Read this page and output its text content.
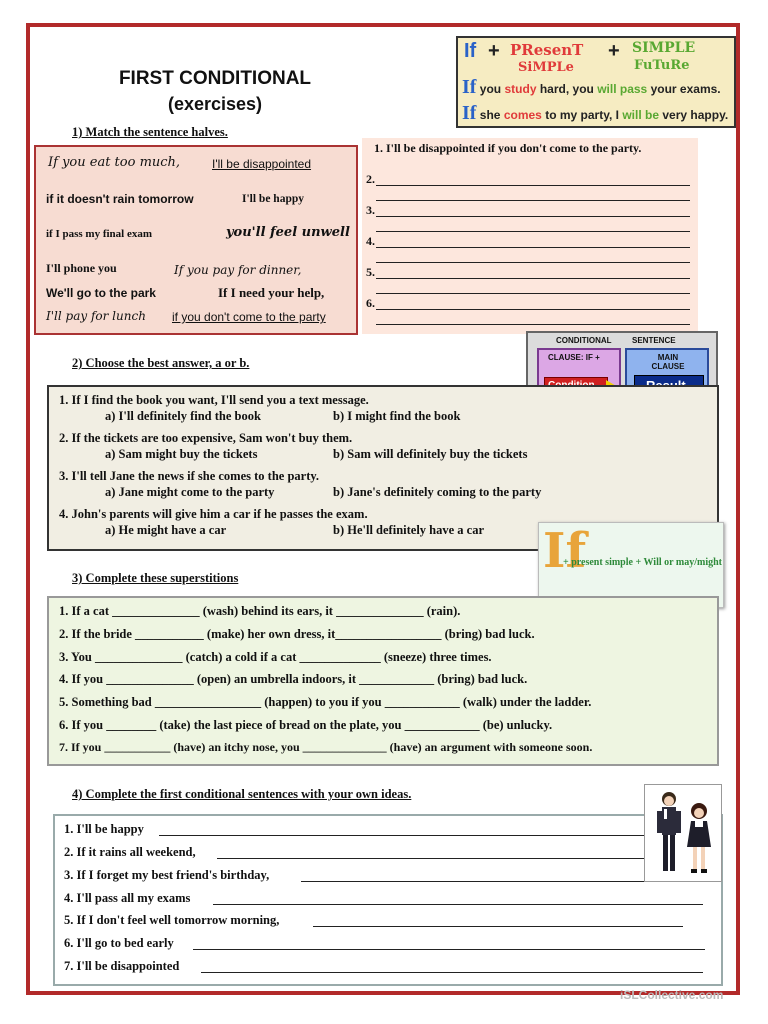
FIRST CONDITIONAL
(exercises)
If + PResenT +
SiMPLe
SIMPLE
FuTuRe
If you study hard, you will pass your exams.
If she comes to my party, I will be very happy.
1) Match the sentence halves.
If you eat too much,	I'll be disappointed
if it doesn't rain tomorrow	I'll be happy
if I pass my final exam	you'll feel unwell
I'll phone you	If you pay for dinner,
We'll go to the park	If I need your help,
I'll pay for lunch if you don't come to the party
1. I'll be disappointed if you don't come to the party.
2.
3.
4.
5.
6.
CONDITIONAL	SENTENCE
CLAUSE: IF +	MAIN CLAUSE
2) Choose the best answer, a or b.
1. If I find the book you want, I'll send you a text message.
a) I'll definitely find the book	b) I might find the book
2. If the tickets are too expensive, Sam won't buy them.
a) Sam might buy the tickets	b) Sam will definitely buy the tickets
3. I'll tell Jane the news if she comes to the party.
a) Jane might come to the party	b) Jane's definitely coming to the party
4. John's parents will give him a car if he passes the exam.
a) He might have a car	b) He'll definitely have a car If
+ present simple + Will or may/might
3) Complete these superstitions
1. If a cat ______________ (wash) behind its ears, it ______________ (rain).
2. If the bride ___________ (make) her own dress, it_________________ (bring) bad luck.
3. You ______________ (catch) a cold if a cat _____________ (sneeze) three times.
4. If you ______________ (open) an umbrella indoors, it ____________ (bring) bad luck.
5. Something bad _________________ (happen) to you if you ____________ (walk) under the ladder.
6. If you ________ (take) the last piece of bread on the plate, you ____________ (be) unlucky.
7. If you ___________ (have) an itchy nose, you ______________ (have) an argument with someone soon.
4) Complete the first conditional sentences with your own ideas.
1. I'll be happy
2. If it rains all weekend,
3. If I forget my best friend's birthday,
4. I'll pass all my exams
5. If I don't feel well tomorrow morning,
6. I'll go to bed early
7. I'll be disappointed
iSLCollective.com
